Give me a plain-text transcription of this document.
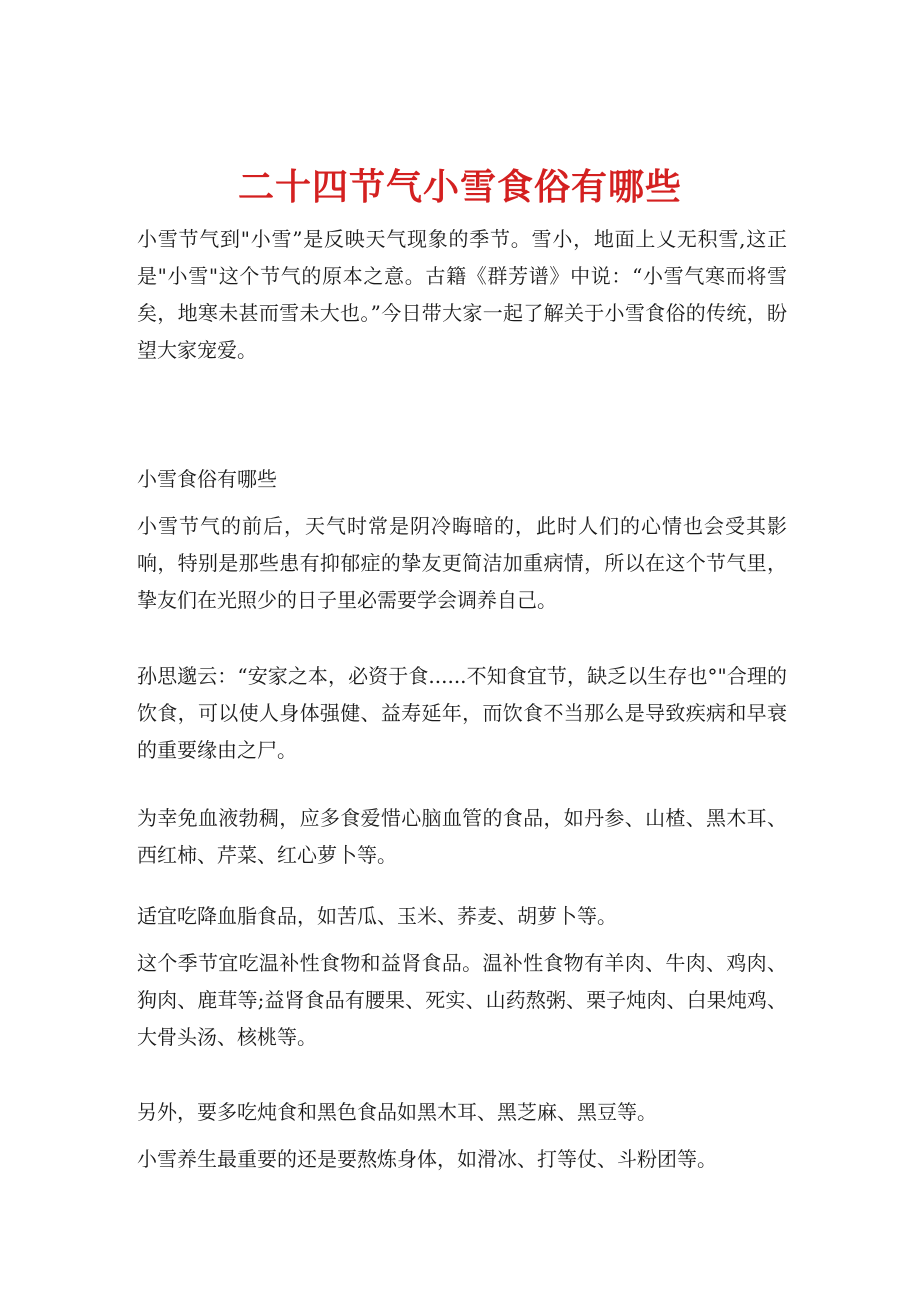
二十四节气小雪食俗有哪些

小雪节气到"小雪”是反映天气现象的季节。雪小，地面上乂无积雪,这正是"小雪"这个节气的原本之意。古籍《群芳谱》中说：“小雪气寒而将雪矣，地寒未甚而雪未大也。”今日带大家一起了解关于小雪食俗的传统，盼望大家宠爱。

小雪食俗有哪些

小雪节气的前后，天气时常是阴冷晦暗的，此时人们的心情也会受其影响，特别是那些患有抑郁症的挚友更简洁加重病情，所以在这个节气里，挚友们在光照少的日子里必需要学会调养自己。

孙思邈云：“安家之本，必资于食......不知食宜节，缺乏以生存也°"合理的饮食，可以使人身体强健、益寿延年，而饮食不当那么是导致疾病和早衰的重要缘由之尸。

为幸免血液勃稠，应多食爱惜心脑血管的食品，如丹参、山楂、黑木耳、西红柿、芹菜、红心萝卜等。

适宜吃降血脂食品，如苦瓜、玉米、荞麦、胡萝卜等。

这个季节宜吃温补性食物和益肾食品。温补性食物有羊肉、牛肉、鸡肉、狗肉、鹿茸等;益肾食品有腰果、死实、山药熬粥、栗子炖肉、白果炖鸡、大骨头汤、核桃等。

另外，要多吃炖食和黑色食品如黑木耳、黑芝麻、黑豆等。

小雪养生最重要的还是要熬炼身体，如滑冰、打等仗、斗粉团等。
